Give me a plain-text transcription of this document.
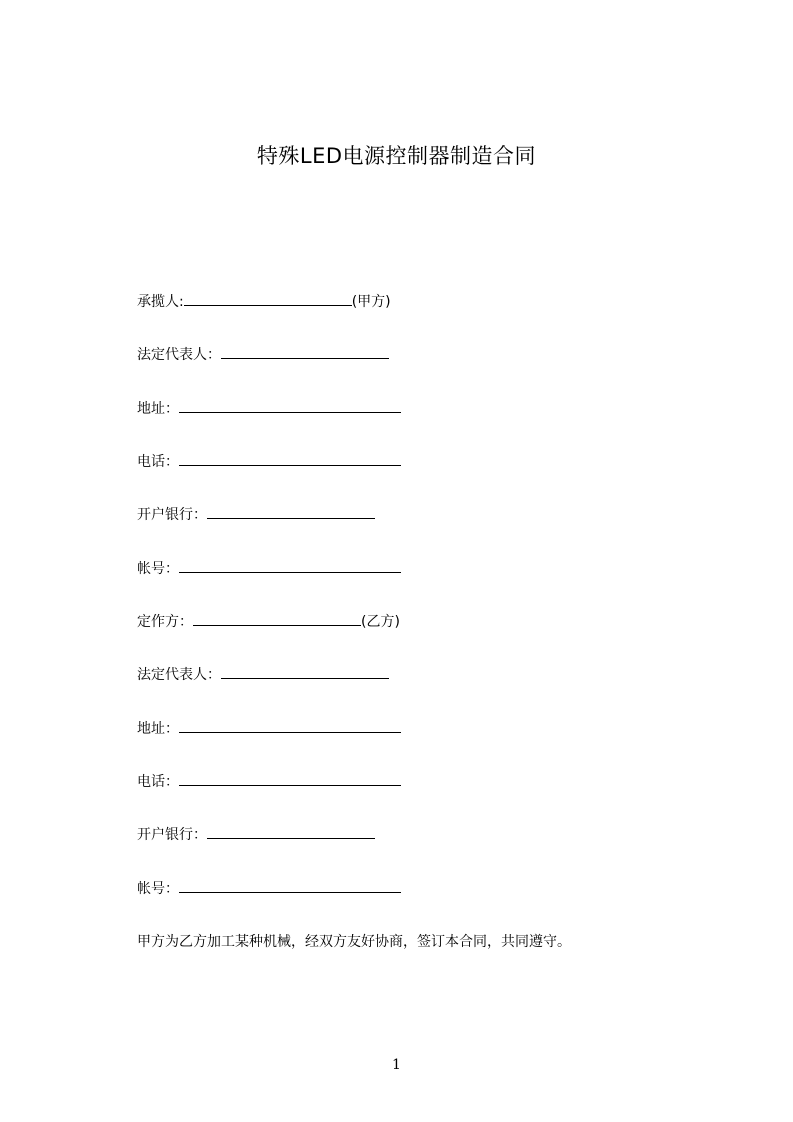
特殊LED电源控制器制造合同
承揽人:	(甲方)
法定代表人：
地址：
电话：
开户银行：
帐号：
定作方：	(乙方)
法定代表人：
地址：
电话：
开户银行：
帐号：
甲方为乙方加工某种机械，经双方友好协商，签订本合同，共同遵守。
1
